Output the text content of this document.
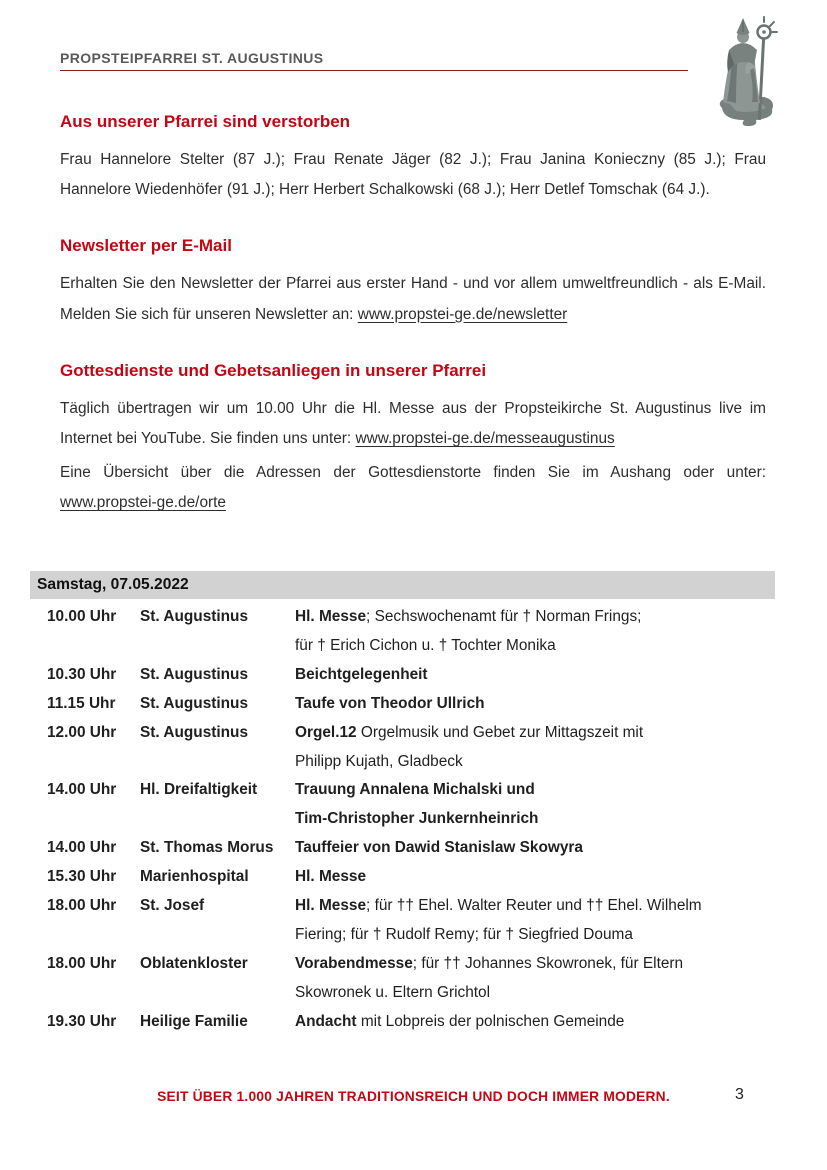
PROPSTEIPFARREI ST. AUGUSTINUS
Aus unserer Pfarrei sind verstorben

Frau Hannelore Stelter (87 J.); Frau Renate Jäger (82 J.); Frau Janina Konieczny (85 J.); Frau Hannelore Wiedenhöfer (91 J.); Herr Herbert Schalkowski (68 J.); Herr Detlef Tomschak (64 J.).

Newsletter per E-Mail

Erhalten Sie den Newsletter der Pfarrei aus erster Hand - und vor allem umweltfreundlich - als E-Mail. Melden Sie sich für unseren Newsletter an: www.propstei-ge.de/newsletter

Gottesdienste und Gebetsanliegen in unserer Pfarrei

Täglich übertragen wir um 10.00 Uhr die Hl. Messe aus der Propsteikirche St. Augustinus live im Internet bei YouTube. Sie finden uns unter: www.propstei-ge.de/messeaugustinus

Eine Übersicht über die Adressen der Gottesdienstorte finden Sie im Aushang oder unter: www.propstei-ge.de/orte

Samstag, 07.05.2022
10.00 Uhr	St. Augustinus	Hl. Messe; Sechswochenamt für † Norman Frings;
für † Erich Cichon u. † Tochter Monika
10.30 Uhr	St. Augustinus	Beichtgelegenheit
11.15 Uhr	St. Augustinus	Taufe von Theodor Ullrich
12.00 Uhr	St. Augustinus	Orgel.12 Orgelmusik und Gebet zur Mittagszeit mit
Philipp Kujath, Gladbeck
14.00 Uhr	Hl. Dreifaltigkeit	Trauung Annalena Michalski und
Tim-Christopher Junkernheinrich
14.00 Uhr	St. Thomas Morus	Tauffeier von Dawid Stanislaw Skowyra
15.30 Uhr	Marienhospital	Hl. Messe
18.00 Uhr	St. Josef	Hl. Messe; für †† Ehel. Walter Reuter und †† Ehel. Wilhelm
Fiering; für † Rudolf Remy; für † Siegfried Douma
18.00 Uhr	Oblatenkloster	Vorabendmesse; für †† Johannes Skowronek, für Eltern
Skowronek u. Eltern Grichtol
19.30 Uhr	Heilige Familie	Andacht mit Lobpreis der polnischen Gemeinde
SEIT ÜBER 1.000 JAHREN TRADITIONSREICH UND DOCH IMMER MODERN.	3
